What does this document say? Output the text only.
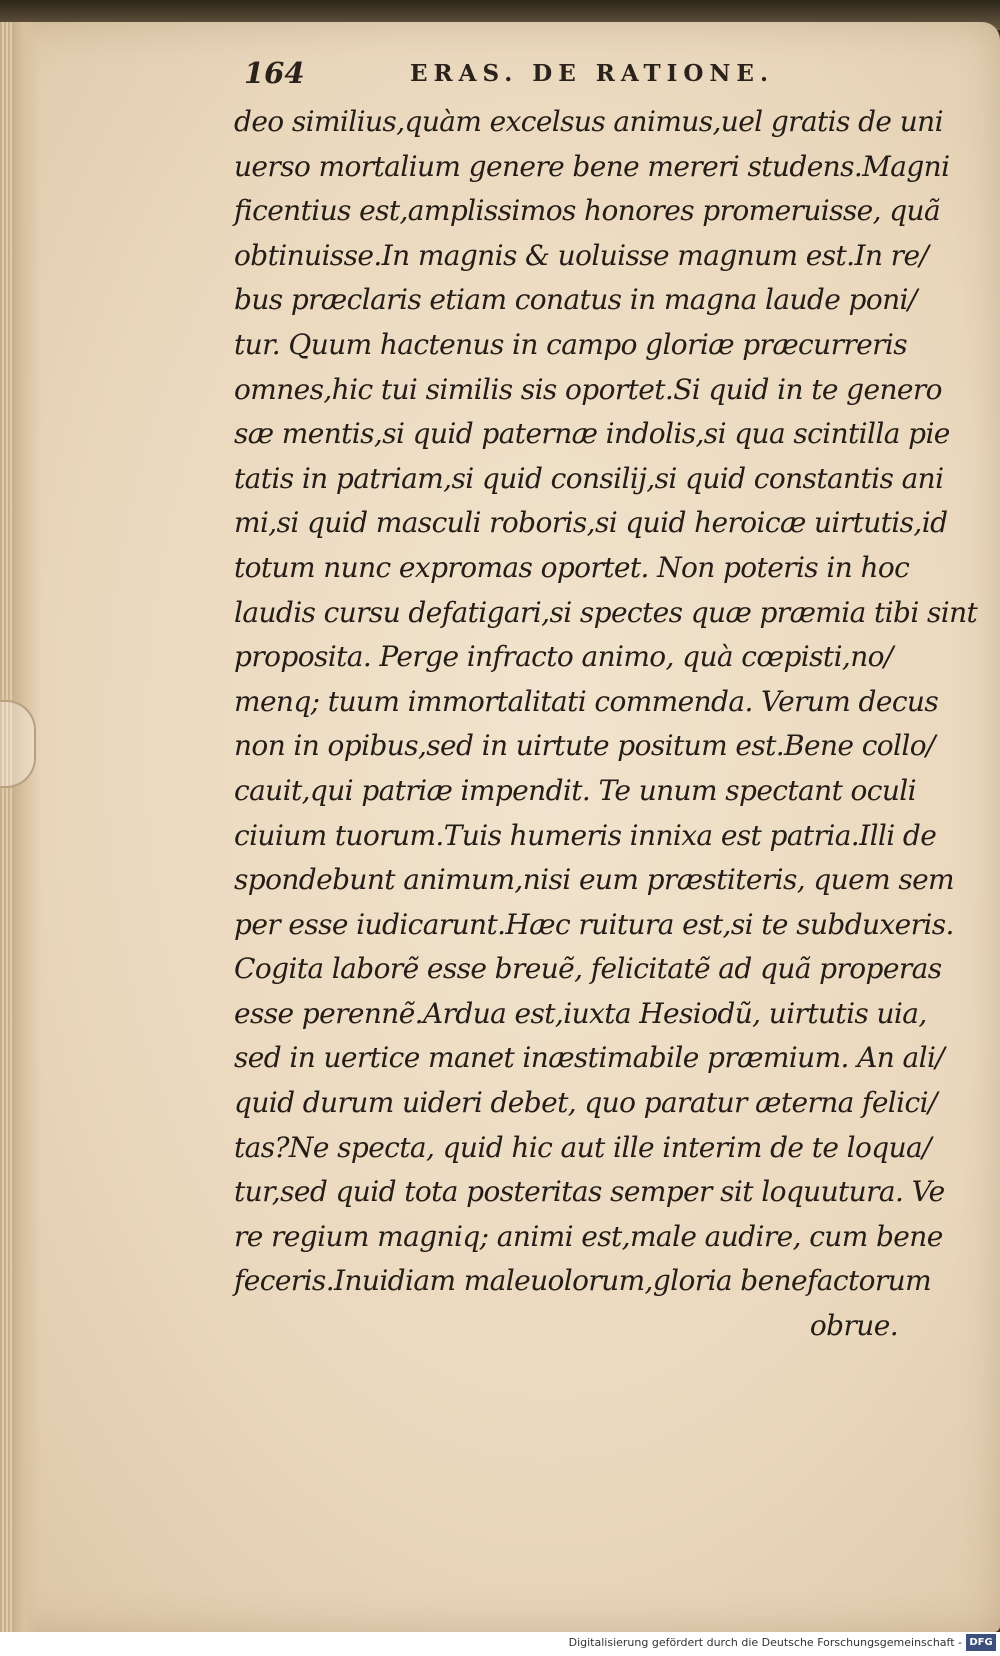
164	ERAS. DE RATIONE.
deo similius,quàm excelsus animus,uel gratis de uni
uerso mortalium genere bene mereri studens.Magni
ficentius est,amplissimos honores promeruisse, quã
obtinuisse.In magnis & uoluisse magnum est.In re/
bus præclaris etiam conatus in magna laude poni/
tur. Quum hactenus in campo gloriæ præcurreris
omnes,hic tui similis sis oportet.Si quid in te genero
sæ mentis,si quid paternæ indolis,si qua scintilla pie
tatis in patriam,si quid consilij,si quid constantis ani
mi,si quid masculi roboris,si quid heroicæ uirtutis,id
totum nunc expromas oportet. Non poteris in hoc
laudis cursu defatigari,si spectes quæ præmia tibi sint
proposita. Perge infracto animo, quà cœpisti,no/
menq; tuum immortalitati commenda. Verum decus
non in opibus,sed in uirtute positum est.Bene collo/
cauit,qui patriæ impendit. Te unum spectant oculi
ciuium tuorum.Tuis humeris innixa est patria.Illi de
spondebunt animum,nisi eum præstiteris, quem sem
per esse iudicarunt.Hæc ruitura est,si te subduxeris.
Cogita laborẽ esse breuẽ, felicitatẽ ad quã properas
esse perennẽ.Ardua est,iuxta Hesiodũ, uirtutis uia,
sed in uertice manet inæstimabile præmium. An ali/
quid durum uideri debet, quo paratur æterna felici/
tas?Ne specta, quid hic aut ille interim de te loqua/
tur,sed quid tota posteritas semper sit loquutura. Ve
re regium magniq; animi est,male audire, cum bene
feceris.Inuidiam maleuolorum,gloria benefactorum
obrue.
Digitalisierung gefördert durch die Deutsche Forschungsgemeinschaft - DFG
